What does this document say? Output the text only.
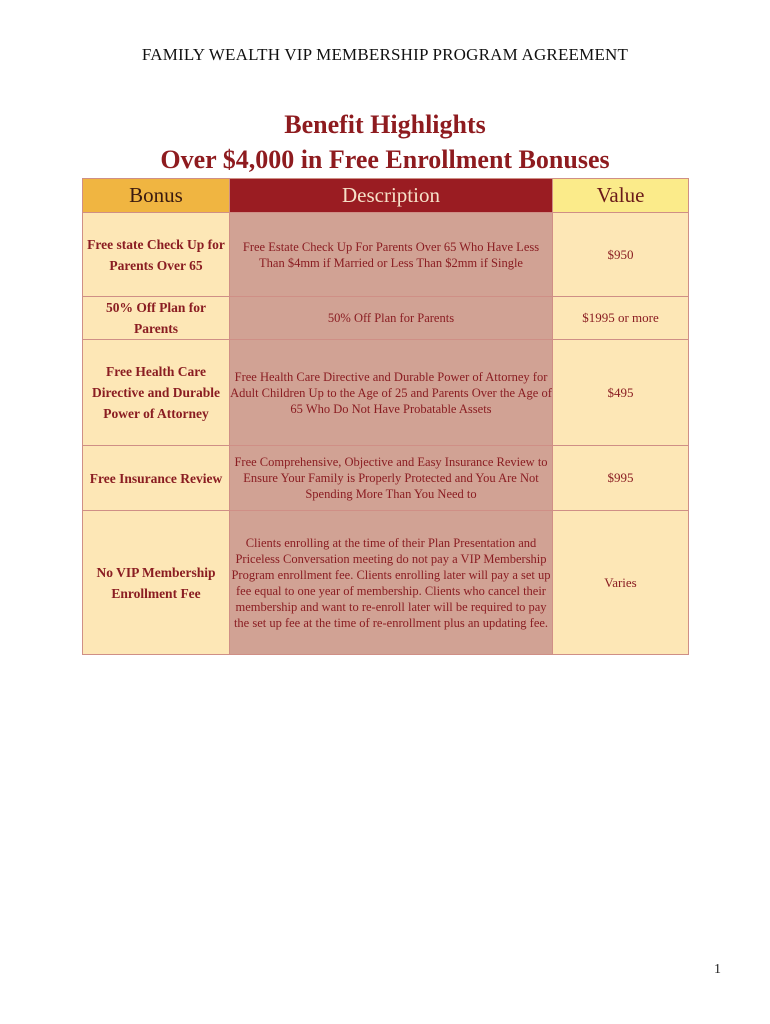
FAMILY WEALTH VIP MEMBERSHIP PROGRAM AGREEMENT
Benefit Highlights
Over $4,000 in Free Enrollment Bonuses
Bonus	Description	Value
Free state Check Up for Parents Over 65	Free Estate Check Up For Parents Over 65 Who Have Less Than $4mm if Married or Less Than $2mm if Single	$950
50% Off Plan for Parents	50% Off Plan for Parents	$1995 or more
Free Health Care Directive and Durable Power of Attorney	Free Health Care Directive and Durable Power of Attorney for Adult Children Up to the Age of 25 and Parents Over the Age of 65 Who Do Not Have Probatable Assets	$495
Free Insurance Review	Free Comprehensive, Objective and Easy Insurance Review to Ensure Your Family is Properly Protected and You Are Not Spending More Than You Need to	$995
No VIP Membership Enrollment Fee	Clients enrolling at the time of their Plan Presentation and Priceless Conversation meeting do not pay a VIP Membership Program enrollment fee. Clients enrolling later will pay a set up fee equal to one year of membership. Clients who cancel their membership and want to re-enroll later will be required to pay the set up fee at the time of re-enrollment plus an updating fee.	Varies
1
